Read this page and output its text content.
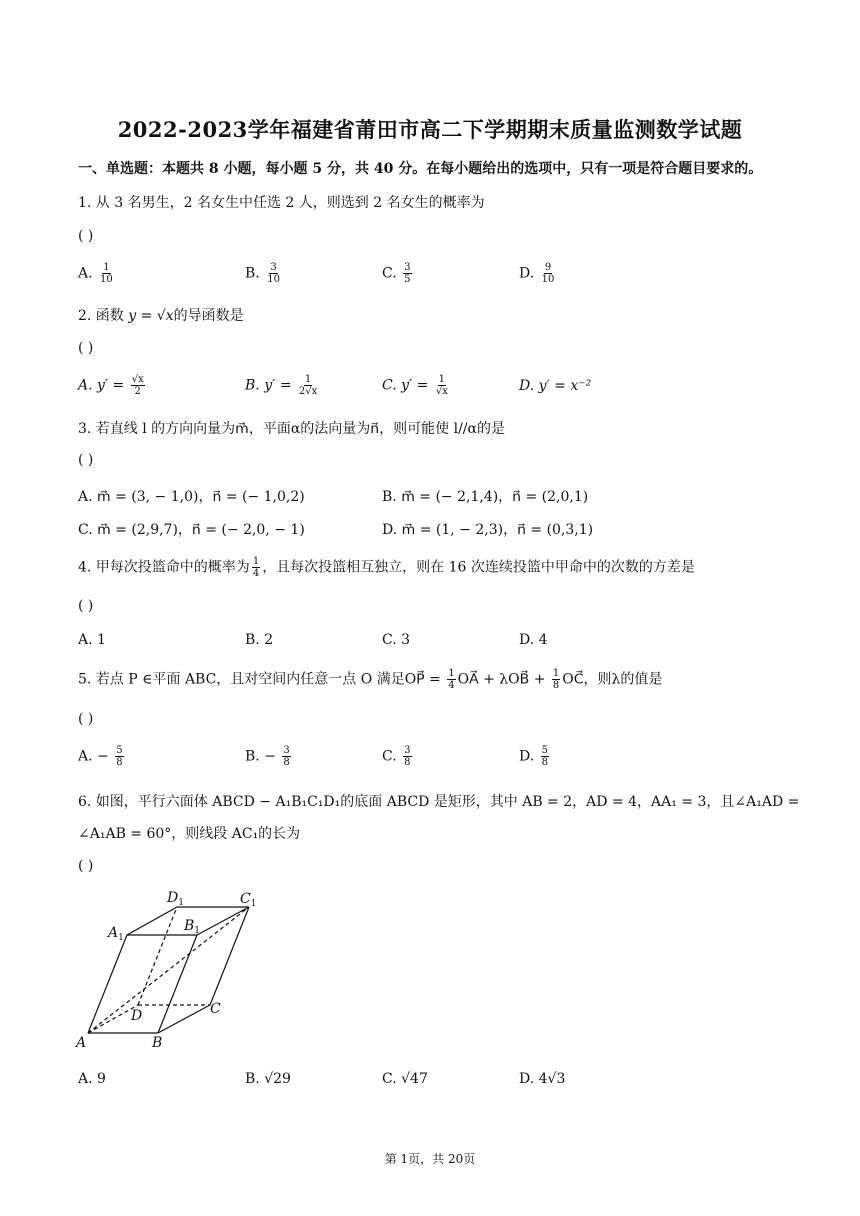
2022-2023学年福建省莆田市高二下学期期末质量监测数学试题
一、单选题：本题共 8 小题，每小题 5 分，共 40 分。在每小题给出的选项中，只有一项是符合题目要求的。
1. 从 3 名男生，2 名女生中任选 2 人，则选到 2 名女生的概率为
( )
A. $\frac{1}{10}$	B. $\frac{3}{10}$	C. $\frac{3}{5}$	D. $\frac{9}{10}$
2. 函数 y = √x的导函数是
( )
A. $y' = \frac{√x}{2}$	B. $y' = \frac{1}{2√x}$	C. $y' = \frac{1}{√x}$	D. y′ = x⁻²
3. 若直线 l 的方向向量为m⃗，平面α的法向量为n⃗，则可能使 l//α的是
( )
A. m⃗ = (3, − 1,0)，n⃗ = (− 1,0,2)	B. m⃗ = (− 2,1,4)，n⃗ = (2,0,1)
C. m⃗ = (2,9,7)，n⃗ = (− 2,0, − 1)	D. m⃗ = (1, − 2,3)，n⃗ = (0,3,1)
4. 甲每次投篮命中的概率为 $\frac{1}{4}$ ，且每次投篮相互独立，则在 16 次连续投篮中甲命中的次数的方差是
( )
A. 1	B. 2	C. 3	D. 4
5. 若点 P ∈平面 ABC，且对空间内任意一点 O 满足OP⃗ = $\frac{1}{4}$ OA⃗ + λOB⃗ + $\frac{1}{8}$ OC⃗，则λ的值是
( )
A. − $\frac{5}{8}$	B. − $\frac{3}{8}$	C. $\frac{3}{8}$	D. $\frac{5}{8}$
6. 如图，平行六面体 ABCD − A₁B₁C₁D₁的底面 ABCD 是矩形，其中 AB = 2，AD = 4，AA₁ = 3，且∠A₁AD =
∠A₁AB = 60°，则线段 AC₁的长为
( )
A	B
C
D
$A_1$
$B_1$
$C_1$
$D_1$
A. 9	B. √29	C. √47	D. 4√3
第 1页，共 20页
